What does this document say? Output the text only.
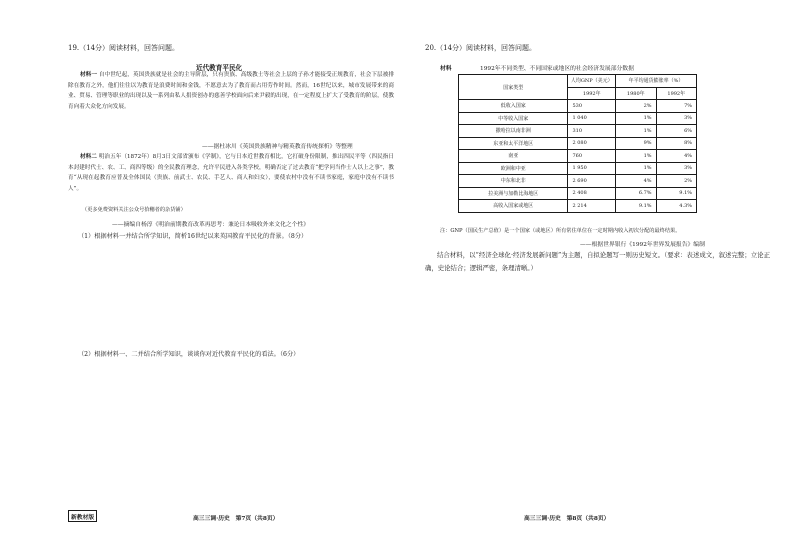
19.（14分）阅读材料，回答问题。
近代教育平民化
材料一 自中世纪起，英国贵族就是社会的主导阶层，只有贵族、高级教士等社会上层的子孙才能接受正规教育，社会下层被排除在教育之外，他们往往以为教育是浪费时间和金钱，不愿意去为了教育而占用劳作时间。然而，16世纪以来，城市发展带来的商业、贸易、管理等职业的出现以及一系列由私人捐资创办的慈善学校面向后来尹毅的出现，在一定程度上扩大了受教育的阶层，使教育向着大众化方向发展。
——据杜冰川《英国贵族精神与精英教育传统探析》等整理
材料二 明治五年（1872年）8月3日文部省颁布《学制》，它与日本近世教育相比，它打破身份限制，推出四民平等（四民指日本封建时代士、农、工、商四等级）的全民教育理念，允许平民进入各类学校，明确否定了过去教育“把学问当作士人以上之事”，教育“从现在起教育应普及全体国民（贵族、前武士、农民、手艺人、商人和妇女），要使农村中没有不读书家庭，家庭中没有不读书人”。
（更多免费资料关注公众号拾穗者的杂货铺）
——摘编自杨淳《明治前期教育改革再思考：兼论日本吸收外来文化之个性》
（1）根据材料一并结合所学知识，简析16世纪以来英国教育平民化的背景。（8分）
（2）根据材料一、二并结合所学知识，谈谈你对近代教育平民化的看法。（6分）
新教材版	高三三调·历史　第7页（共8页）
20.（14分）阅读材料，回答问题。
材料	1992年不同类型、不同国家或地区的社会经济发展部分数据
国家类型	人均GNP（美元）	年平均通货膨胀率（%）	
	1992年	1980年	1992年
低收入国家	530	2%	7%
中等收入国家	1 040	1%	3%
撒哈拉以南非洲	310	1%	6%
东亚和太平洋地区	2 080	9%	8%
南亚	760	1%	4%
欧洲和中亚	1 950	1%	3%
中东和北非	2 690	4%	2%
拉美洲与加勒比海地区	2 408	6.7%	9.1%
高收入国家或地区	2 214	9.1%	4.3%
注：GNP（国民生产总值）是一个国家（或地区）所有常住单位在一定时期内收入初次分配的最终结果。
——根据世界银行《1992年世界发展报告》编制
结合材料，以“经济全球化·经济发展新问题”为主题，自拟论题写一则历史短文。（要求：表述成文，叙述完整；立论正确，史论结合；逻辑严密，条理清晰。）
高三三调·历史　第8页（共8页）
